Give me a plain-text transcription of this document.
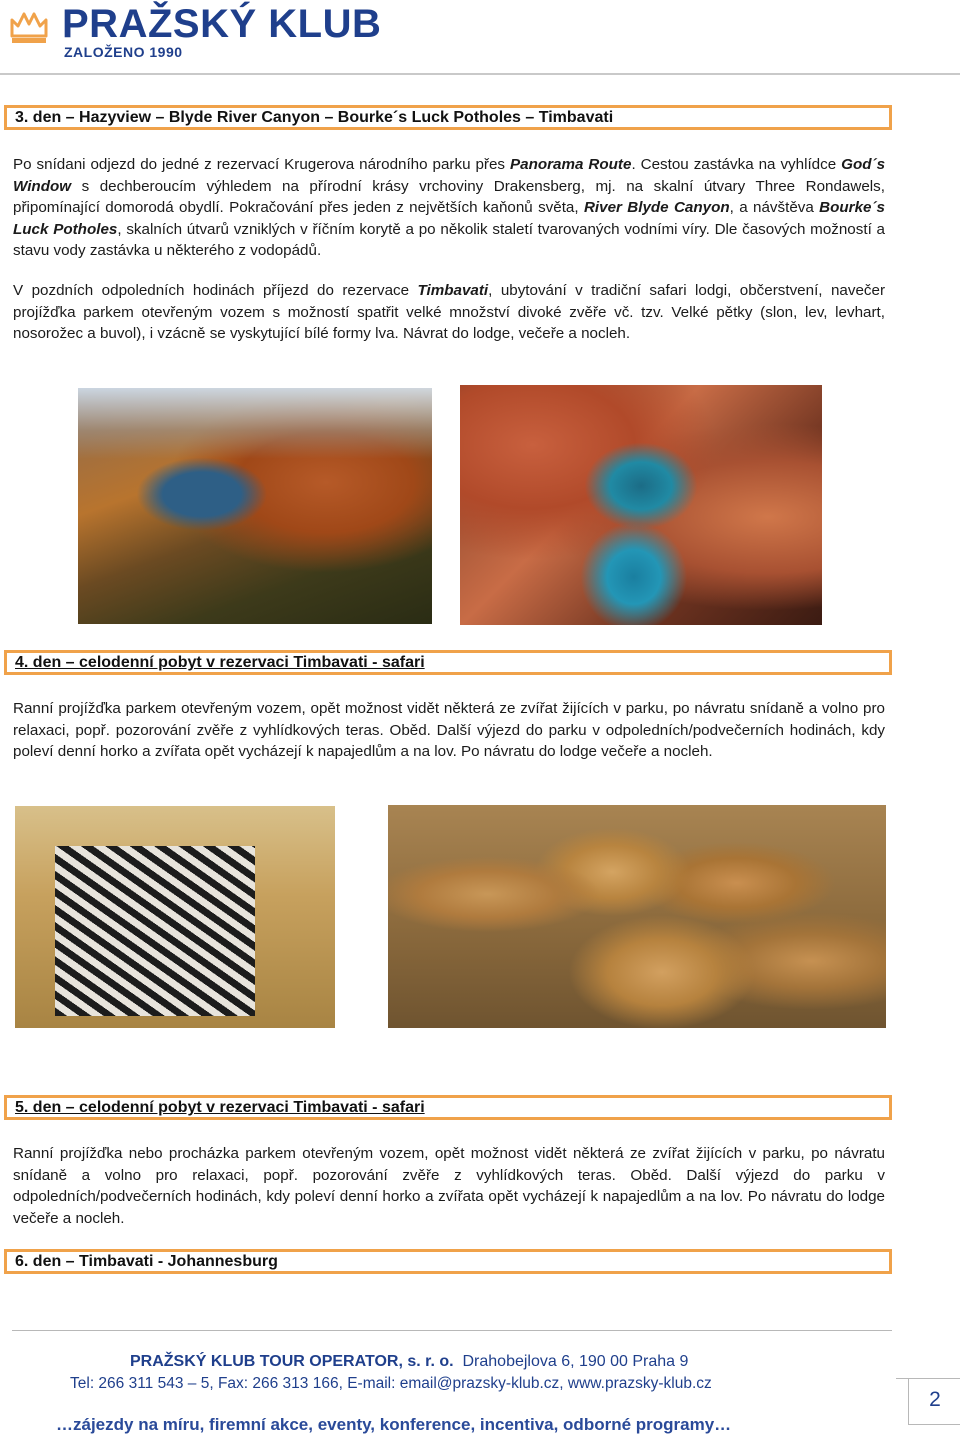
PRAŽSKÝ KLUB
ZALOŽENO 1990
3. den – Hazyview – Blyde River Canyon – Bourke´s Luck Potholes – Timbavati
Po snídani odjezd do jedné z rezervací Krugerova národního parku přes Panorama Route. Cestou zastávka na vyhlídce God´s Window s dechberoucím výhledem na přírodní krásy vrchoviny Drakensberg, mj. na skalní útvary Three Rondawels, připomínající domorodá obydlí. Pokračování přes jeden z největších kaňonů světa, River Blyde Canyon, a návštěva Bourke´s Luck Potholes, skalních útvarů vzniklých v říčním korytě a po několik staletí tvarovaných vodními víry. Dle časových možností a stavu vody zastávka u některého z vodopádů.
V pozdních odpoledních hodinách příjezd do rezervace Timbavati, ubytování v tradiční safari lodgi, občerstvení, navečer projížďka parkem otevřeným vozem s možností spatřit velké množství divoké zvěře vč. tzv. Velké pětky (slon, lev, levhart, nosorožec a buvol), i vzácně se vyskytující bílé formy lva. Návrat do lodge, večeře a nocleh.
4. den – celodenní pobyt v rezervaci Timbavati - safari
Ranní projížďka parkem otevřeným vozem, opět možnost vidět některá ze zvířat žijících v parku, po návratu snídaně a volno pro relaxaci, popř. pozorování zvěře z vyhlídkových teras. Oběd. Další výjezd do parku v odpoledních/podvečerních hodinách, kdy poleví denní horko a zvířata opět vycházejí k napajedlům a na lov. Po návratu do lodge večeře a nocleh.
5. den – celodenní pobyt v rezervaci Timbavati - safari
Ranní projížďka nebo procházka parkem otevřeným vozem, opět možnost vidět některá ze zvířat žijících v parku, po návratu snídaně a volno pro relaxaci, popř. pozorování zvěře z vyhlídkových teras. Oběd. Další výjezd do parku v odpoledních/podvečerních hodinách, kdy poleví denní horko a zvířata opět vycházejí k napajedlům a na lov. Po návratu do lodge večeře a nocleh.
6. den – Timbavati - Johannesburg
PRAŽSKÝ KLUB TOUR OPERATOR, s. r. o. Drahobejlova 6, 190 00 Praha 9
Tel: 266 311 543 – 5, Fax: 266 313 166, E-mail: email@prazsky-klub.cz, www.prazsky-klub.cz
…zájezdy na míru, firemní akce, eventy, konference, incentiva, odborné programy…
2
